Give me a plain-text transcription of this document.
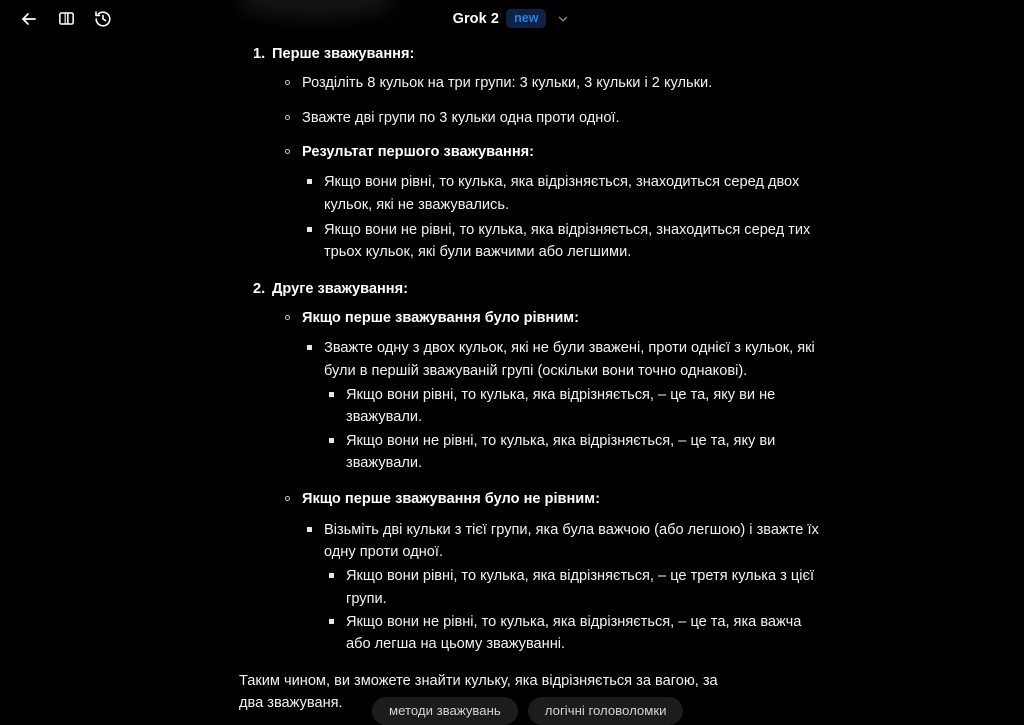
Grok 2	new
1. Перше зважування:
Розділіть 8 кульок на три групи: 3 кульки, 3 кульки і 2 кульки.
Зважте дві групи по 3 кульки одна проти одної.
Результат першого зважування:
Якщо вони рівні, то кулька, яка відрізняється, знаходиться серед двох кульок, які не зважувались.
Якщо вони не рівні, то кулька, яка відрізняється, знаходиться серед тих трьох кульок, які були важчими або легшими.
2. Друге зважування:
Якщо перше зважування було рівним:
Зважте одну з двох кульок, які не були зважені, проти однієї з кульок, які були в першій зважуваній групі (оскільки вони точно однакові).
Якщо вони рівні, то кулька, яка відрізняється, – це та, яку ви не зважували.
Якщо вони не рівні, то кулька, яка відрізняється, – це та, яку ви зважували.
Якщо перше зважування було не рівним:
Візьміть дві кульки з тієї групи, яка була важчою (або легшою) і зважте їх одну проти одної.
Якщо вони рівні, то кулька, яка відрізняється, – це третя кулька з цієї групи.
Якщо вони не рівні, то кулька, яка відрізняється, – це та, яка важча або легша на цьому зважуванні.

Таким чином, ви зможете знайти кульку, яка відрізняється за вагою, за два зважуваня.	методи зважувань	логічні головоломки
